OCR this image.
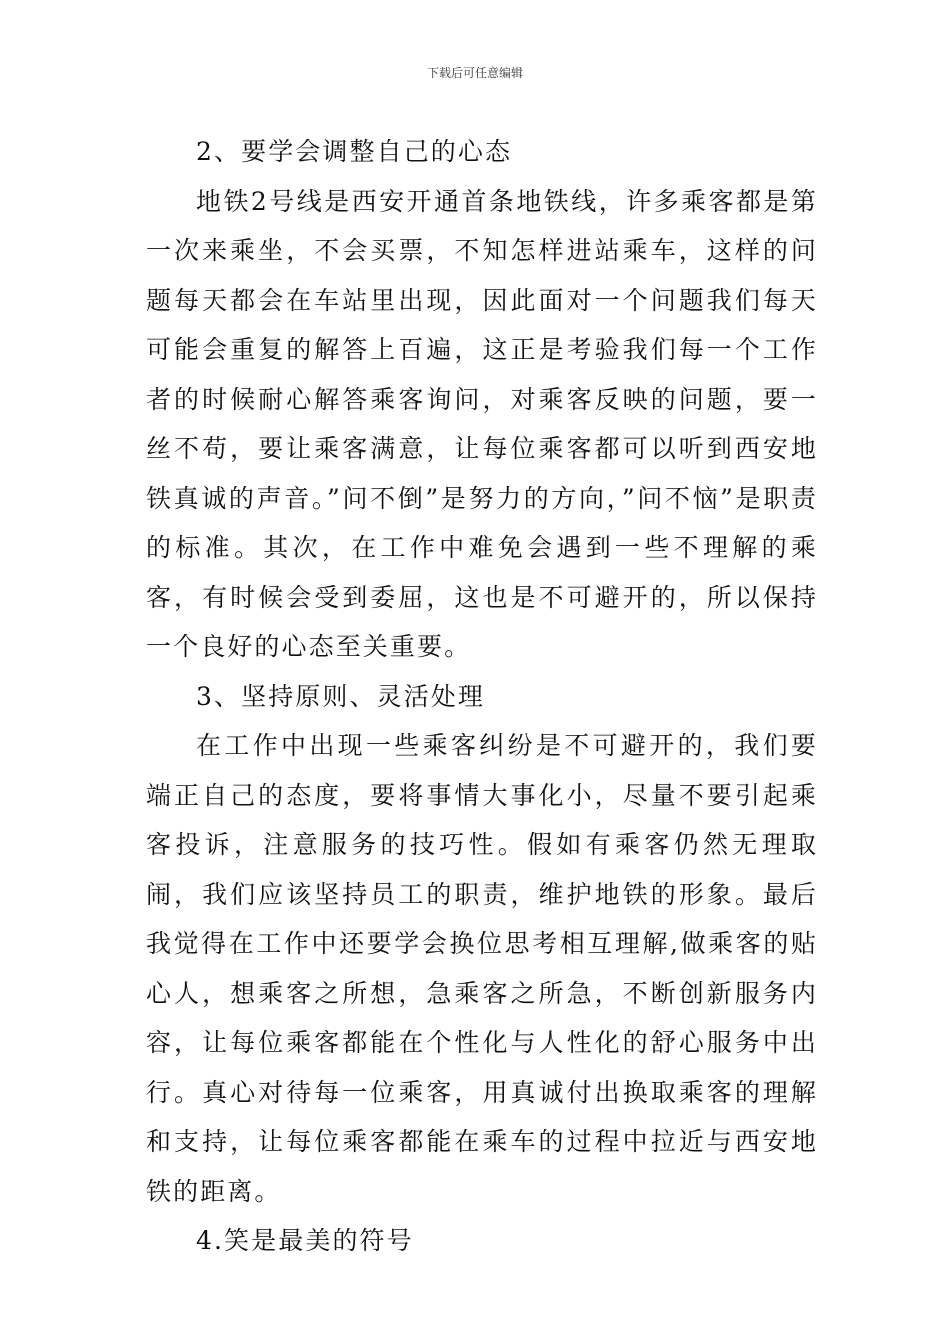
下载后可任意编辑

2、要学会调整自己的心态

地铁2号线是西安开通首条地铁线，许多乘客都是第一次来乘坐，不会买票，不知怎样进站乘车，这样的问题每天都会在车站里出现，因此面对一个问题我们每天可能会重复的解答上百遍，这正是考验我们每一个工作者的时候耐心解答乘客询问，对乘客反映的问题，要一丝不苟，要让乘客满意，让每位乘客都可以听到西安地铁真诚的声音。”问不倒”是努力的方向，”问不恼”是职责的标准。其次，在工作中难免会遇到一些不理解的乘客，有时候会受到委屈，这也是不可避开的，所以保持一个良好的心态至关重要。

3、坚持原则、灵活处理

在工作中出现一些乘客纠纷是不可避开的，我们要端正自己的态度，要将事情大事化小，尽量不要引起乘客投诉，注意服务的技巧性。假如有乘客仍然无理取闹，我们应该坚持员工的职责，维护地铁的形象。最后我觉得在工作中还要学会换位思考相互理解,做乘客的贴心人，想乘客之所想，急乘客之所急，不断创新服务内容，让每位乘客都能在个性化与人性化的舒心服务中出行。真心对待每一位乘客，用真诚付出换取乘客的理解和支持，让每位乘客都能在乘车的过程中拉近与西安地铁的距离。

4.笑是最美的符号
